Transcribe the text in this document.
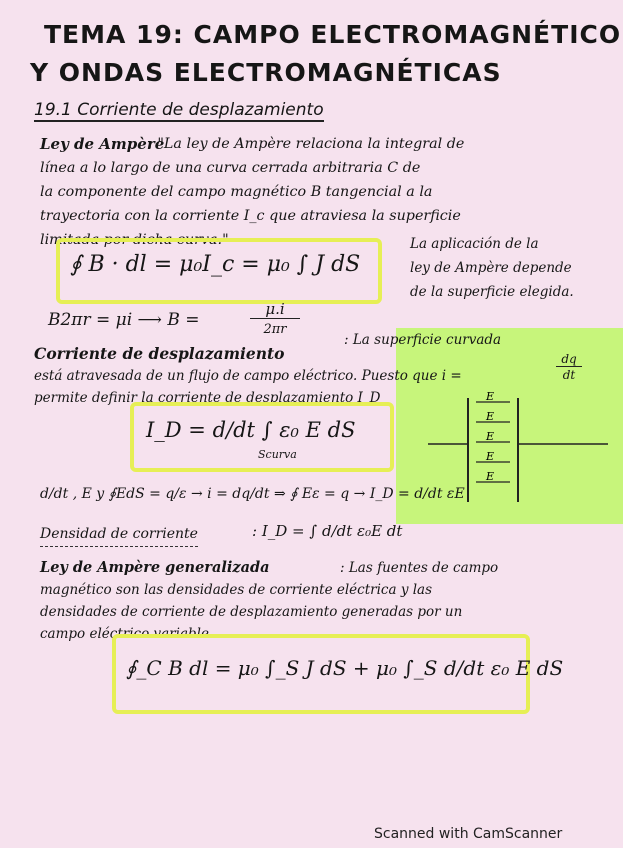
TEMA 19: CAMPO ELECTROMAGNÉTICO
Y ONDAS ELECTROMAGNÉTICAS
19.1 Corriente de desplazamiento
Ley de Ampère
: "La ley de Ampère relaciona la integral de
línea a lo largo de una curva cerrada arbitraria C de
la componente del campo magnético B tangencial a la
trayectoria con la corriente I_c que atraviesa la superficie
limitada por dicha curva."
∮ B · dl = μ₀I_c = μ₀ ∫ J dS
La aplicación de la
ley de Ampère depende
de la superficie elegida.
B2πr = μi ⟶ B =
μ.i
2πr
Corriente de desplazamiento
: La superficie curvada
está atravesada de un flujo de campo eléctrico. Puesto que i =
dq
dt
permite definir la corriente de desplazamiento I_D
I_D = d/dt ∫ ε₀ E dS
Scurva
E
E
E
E
E
d/dt , E y ∮EdS = q/ε → i = dq/dt ⇒ ∮ Eε = q → I_D = d/dt εE
Densidad de corriente	: I_D = ∫ d/dt ε₀E dt
Ley de Ampère generalizada	: Las fuentes de campo
magnético son las densidades de corriente eléctrica y las
densidades de corriente de desplazamiento generadas por un
campo eléctrico variable.
∮_C B dl = μ₀ ∫_S J dS + μ₀ ∫_S d/dt ε₀ E dS
Scanned with CamScanner
